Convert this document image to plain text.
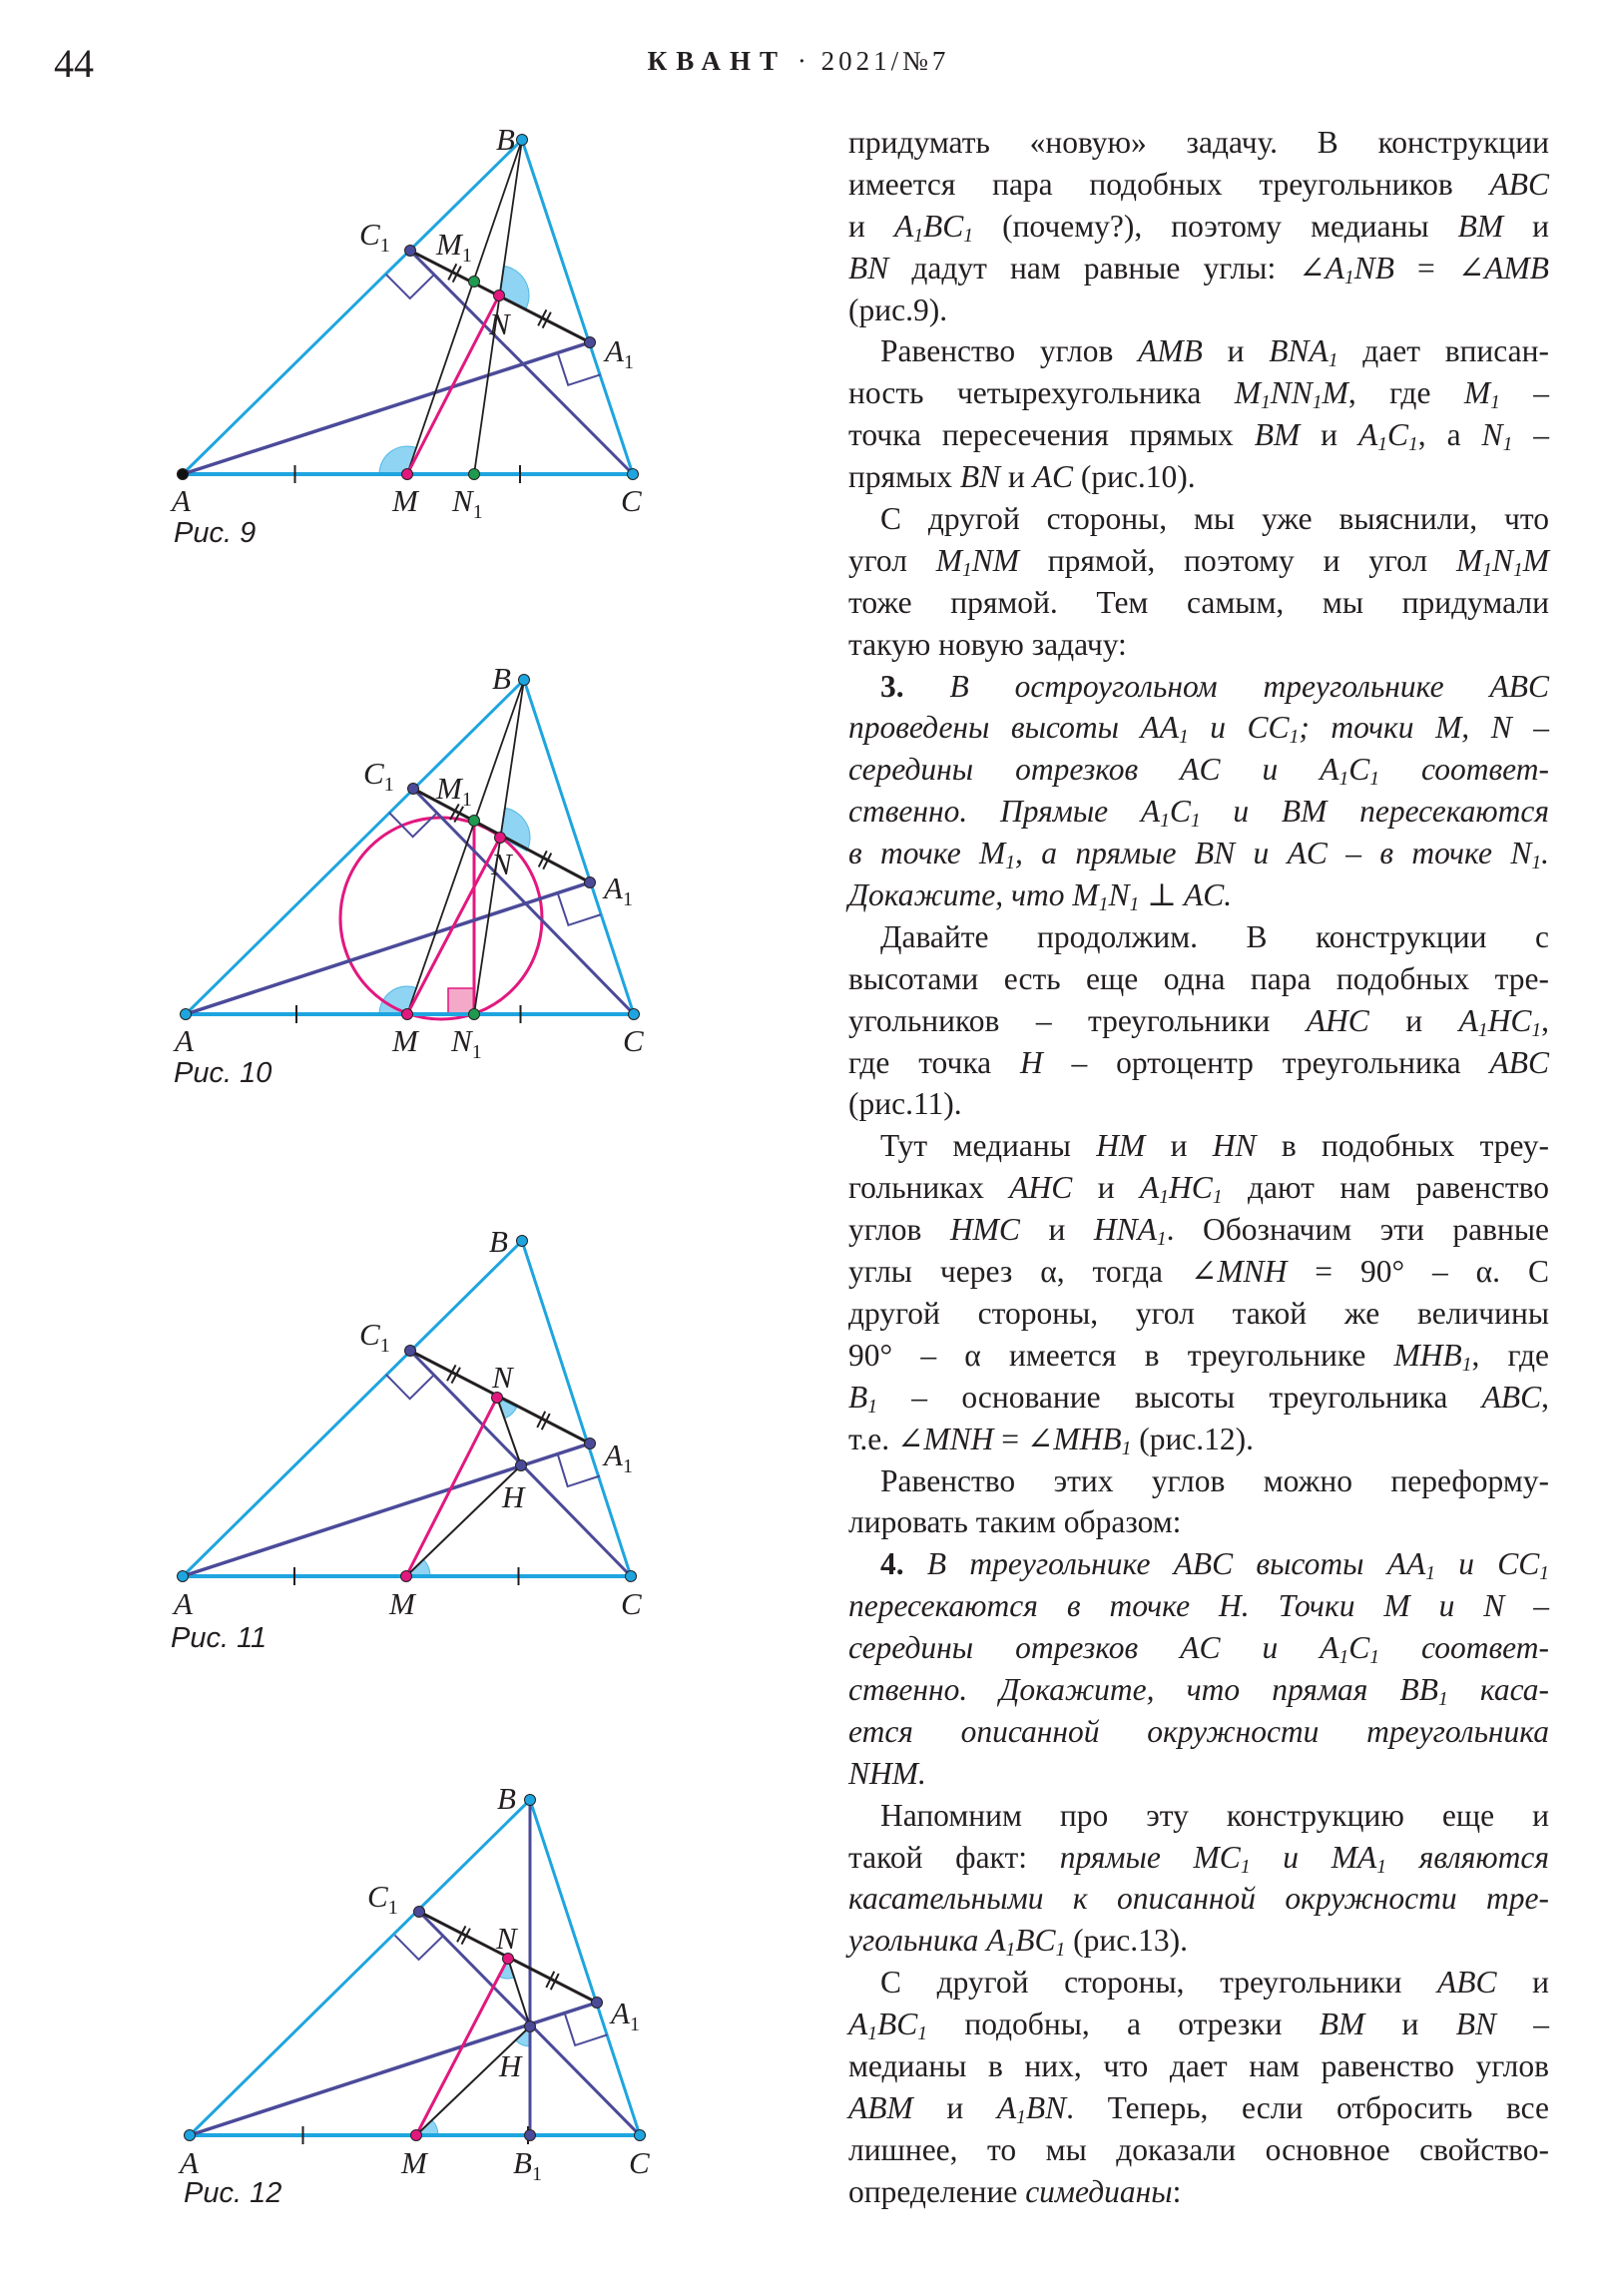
44	КВАНТ · 2021/№7
B
$C_1$ $M_1$
N
$A_1$
A	M $N_1$	C
B
$C_1$ $M_1$
N
$A_1$
A	M $N_1$	C
B
$C_1$
N
$A_1$
H
A	M	C
B
$C_1$
N
$A_1$
H
A	M	$B_1$	C
Рис. 9
Рис. 10
Рис. 11
Рис. 12
придумать «новую» задачу. В конструкции
имеется пара подобных треугольников ABC
и $A_1BC_1$ (почему?), поэтому медианы BM и
BN дадут нам равные углы: $\angle A_1NB$ = ∠AMB
(рис.9).
Равенство углов AMB и $BNA_1$ дает вписан-
ность четырехугольника $M_1NN_1M$, где $M_1$ –
точка пересечения прямых BM и $A_1C_1$, а $N_1$ –
прямых BN и AC (рис.10).
С другой стороны, мы уже выяснили, что
угол $M_1NM$ прямой, поэтому и угол $M_1N_1M$
тоже прямой. Тем самым, мы придумали
такую новую задачу:
3. В остроугольном треугольнике ABC
проведены высоты $AA_1$ и $CC_1$; точки M, N –
середины отрезков AC и $A_1C_1$ соответ-
ственно. Прямые $A_1C_1$ и BM пересекаются
в точке $M_1$, а прямые BN и AC – в точке $N_1$.
Докажите, что $M_1N_1$ ⊥ AC.
Давайте продолжим. В конструкции с
высотами есть еще одна пара подобных тре-
угольников – треугольники AHC и $A_1HC_1$,
где точка H – ортоцентр треугольника ABC
(рис.11).
Тут медианы HM и HN в подобных треу-
гольниках AHC и $A_1HC_1$ дают нам равенство
углов HMC и $HNA_1$. Обозначим эти равные
углы через α, тогда ∠MNH = 90° – α. С
другой стороны, угол такой же величины
90° – α имеется в треугольнике $MHB_1$, где
$B_1$ – основание высоты треугольника ABC,
т.е. ∠MNH = $\angle MHB_1$ (рис.12).
Равенство этих углов можно переформу-
лировать таким образом:
4. В треугольнике ABC высоты $AA_1$ и $CC_1$
пересекаются в точке H. Точки M и N –
середины отрезков AC и $A_1C_1$ соответ-
ственно. Докажите, что прямая $BB_1$ каса-
ется описанной окружности треугольника
NHM.
Напомним про эту конструкцию еще и
такой факт: прямые $MC_1$ и $MA_1$ являются
касательными к описанной окружности тре-
угольника $A_1BC_1$ (рис.13).
С другой стороны, треугольники ABC и
$A_1BC_1$ подобны, а отрезки BM и BN –
медианы в них, что дает нам равенство углов
ABM и $A_1BN$. Теперь, если отбросить все
лишнее, то мы доказали основное свойство-
определение симедианы:
